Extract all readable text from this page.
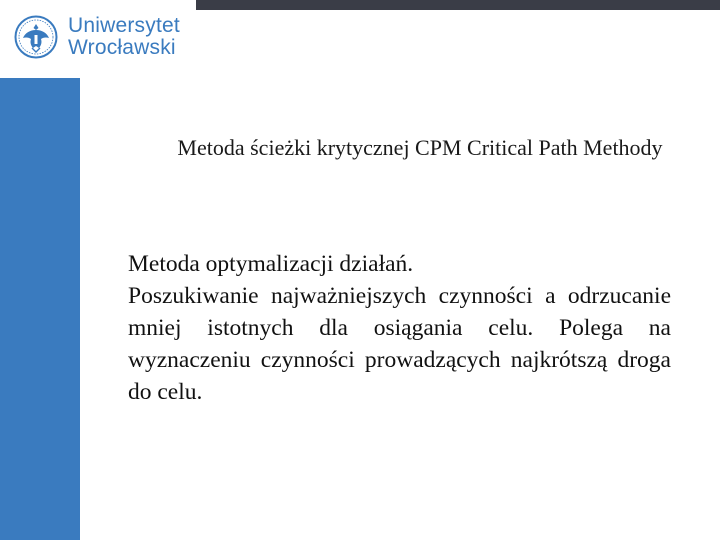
Uniwersytet
Wrocławski
Metoda ścieżki krytycznej CPM Critical Path Methody
Metoda optymalizacji działań.
Poszukiwanie najważniejszych czynności a odrzucanie mniej istotnych dla osiągania celu. Polega na wyznaczeniu czynności prowadzących najkrótszą droga do celu.
